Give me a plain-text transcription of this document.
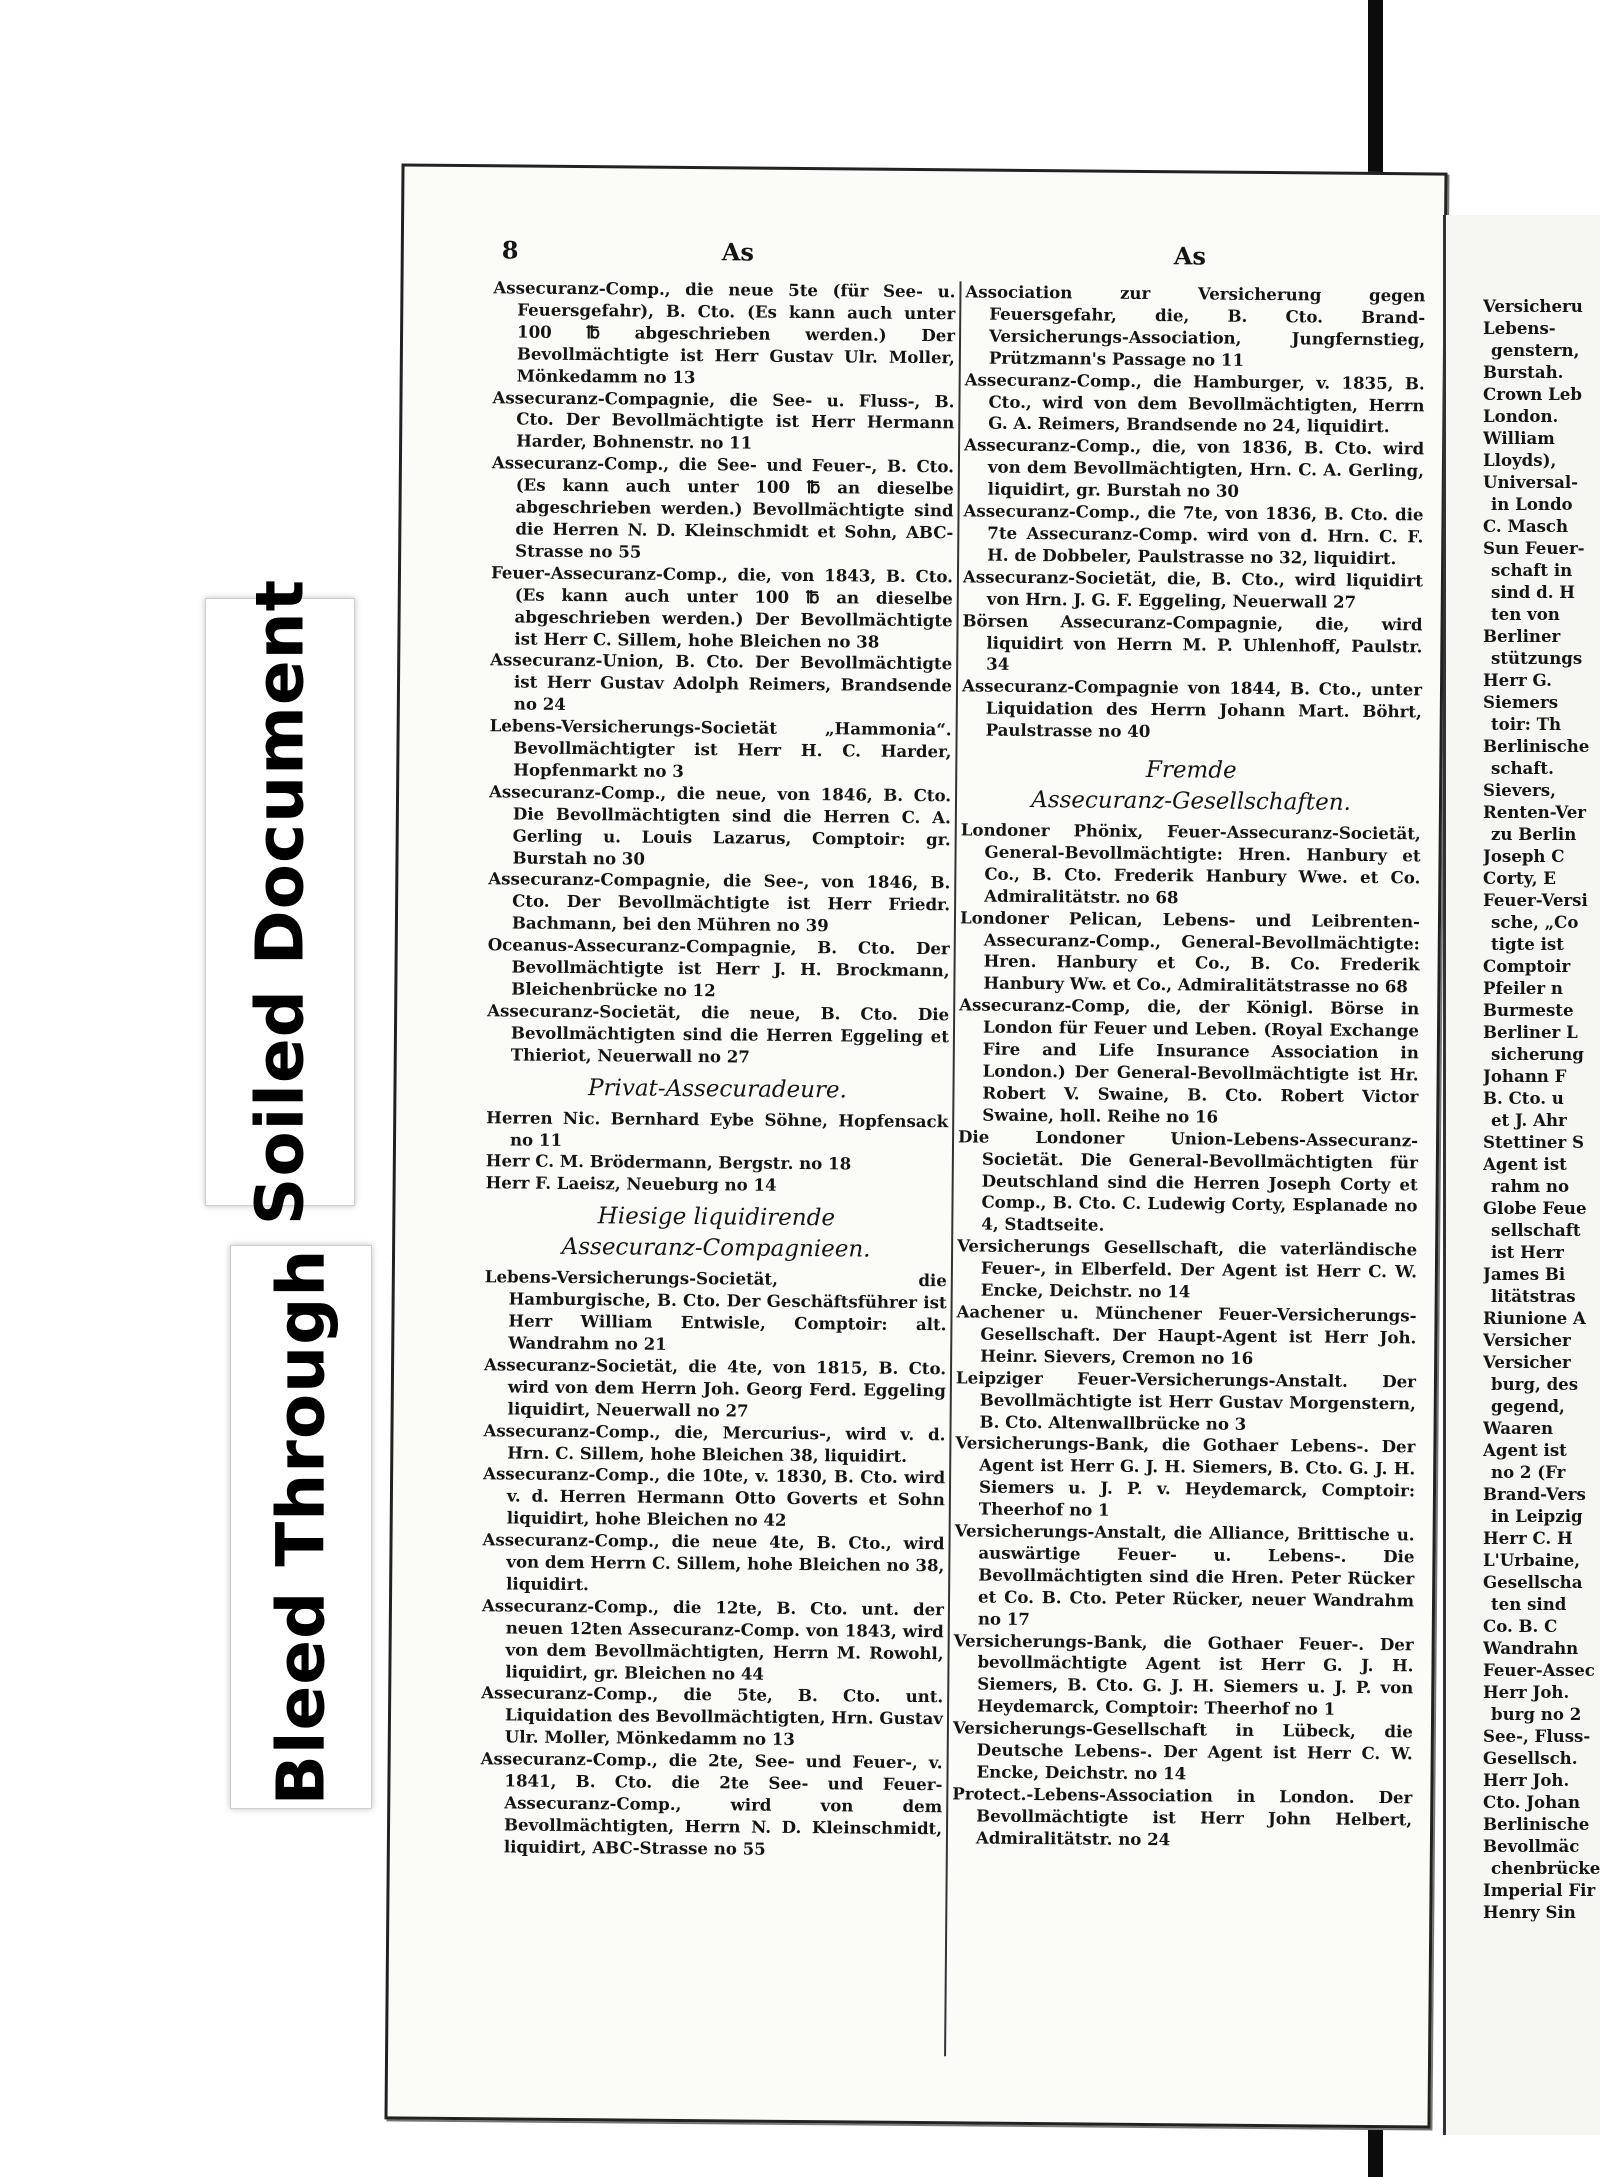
Soiled Document
Bleed Through
8	As	As

Assecuranz-Comp., die neue 5te (für See- u. Feuersgefahr), B. Cto. (Es kann auch unter 100 ℔ abgeschrieben werden.) Der Bevollmächtigte ist Herr Gustav Ulr. Moller, Mönkedamm no 13

Assecuranz-Compagnie, die See- u. Fluss-, B. Cto. Der Bevollmächtigte ist Herr Hermann Harder, Bohnenstr. no 11

Assecuranz-Comp., die See- und Feuer-, B. Cto. (Es kann auch unter 100 ℔ an dieselbe abgeschrieben werden.) Bevollmächtigte sind die Herren N. D. Kleinschmidt et Sohn, ABC-Strasse no 55

Feuer-Assecuranz-Comp., die, von 1843, B. Cto. (Es kann auch unter 100 ℔ an dieselbe abgeschrieben werden.) Der Bevollmächtigte ist Herr C. Sillem, hohe Bleichen no 38

Assecuranz-Union, B. Cto. Der Bevollmächtigte ist Herr Gustav Adolph Reimers, Brandsende no 24

Lebens-Versicherungs-Societät „Hammonia“. Bevollmächtigter ist Herr H. C. Harder, Hopfenmarkt no 3

Assecuranz-Comp., die neue, von 1846, B. Cto. Die Bevollmächtigten sind die Herren C. A. Gerling u. Louis Lazarus, Comptoir: gr. Burstah no 30

Assecuranz-Compagnie, die See-, von 1846, B. Cto. Der Bevollmächtigte ist Herr Friedr. Bachmann, bei den Mühren no 39

Oceanus-Assecuranz-Compagnie, B. Cto. Der Bevollmächtigte ist Herr J. H. Brockmann, Bleichenbrücke no 12

Assecuranz-Societät, die neue, B. Cto. Die Bevollmächtigten sind die Herren Eggeling et Thieriot, Neuerwall no 27

Privat-Assecuradeure.

Herren Nic. Bernhard Eybe Söhne, Hopfensack no 11

Herr C. M. Brödermann, Bergstr. no 18

Herr F. Laeisz, Neueburg no 14

Hiesige liquidirende
Assecuranz-Compagnieen.

Lebens-Versicherungs-Societät, die Hamburgische, B. Cto. Der Geschäftsführer ist Herr William Entwisle, Comptoir: alt. Wandrahm no 21

Assecuranz-Societät, die 4te, von 1815, B. Cto. wird von dem Herrn Joh. Georg Ferd. Eggeling liquidirt, Neuerwall no 27

Assecuranz-Comp., die, Mercurius-, wird v. d. Hrn. C. Sillem, hohe Bleichen 38, liquidirt.

Assecuranz-Comp., die 10te, v. 1830, B. Cto. wird v. d. Herren Hermann Otto Goverts et Sohn liquidirt, hohe Bleichen no 42

Assecuranz-Comp., die neue 4te, B. Cto., wird von dem Herrn C. Sillem, hohe Bleichen no 38, liquidirt.

Assecuranz-Comp., die 12te, B. Cto. unt. der neuen 12ten Assecuranz-Comp. von 1843, wird von dem Bevollmächtigten, Herrn M. Rowohl, liquidirt, gr. Bleichen no 44

Assecuranz-Comp., die 5te, B. Cto. unt. Liquidation des Bevollmächtigten, Hrn. Gustav Ulr. Moller, Mönkedamm no 13

Assecuranz-Comp., die 2te, See- und Feuer-, v. 1841, B. Cto. die 2te See- und Feuer-Assecuranz-Comp., wird von dem Bevollmächtigten, Herrn N. D. Kleinschmidt, liquidirt, ABC-Strasse no 55

Association zur Versicherung gegen Feuersgefahr, die, B. Cto. Brand-Versicherungs-Association, Jungfernstieg, Prützmann's Passage no 11

Assecuranz-Comp., die Hamburger, v. 1835, B. Cto., wird von dem Bevollmächtigten, Herrn G. A. Reimers, Brandsende no 24, liquidirt.

Assecuranz-Comp., die, von 1836, B. Cto. wird von dem Bevollmächtigten, Hrn. C. A. Gerling, liquidirt, gr. Burstah no 30

Assecuranz-Comp., die 7te, von 1836, B. Cto. die 7te Assecuranz-Comp. wird von d. Hrn. C. F. H. de Dobbeler, Paulstrasse no 32, liquidirt.

Assecuranz-Societät, die, B. Cto., wird liquidirt von Hrn. J. G. F. Eggeling, Neuerwall 27

Börsen Assecuranz-Compagnie, die, wird liquidirt von Herrn M. P. Uhlenhoff, Paulstr. 34

Assecuranz-Compagnie von 1844, B. Cto., unter Liquidation des Herrn Johann Mart. Böhrt, Paulstrasse no 40

Fremde
Assecuranz-Gesellschaften.

Londoner Phönix, Feuer-Assecuranz-Societät, General-Bevollmächtigte: Hren. Hanbury et Co., B. Cto. Frederik Hanbury Wwe. et Co. Admiralitätstr. no 68

Londoner Pelican, Lebens- und Leibrenten-Assecuranz-Comp., General-Bevollmächtigte: Hren. Hanbury et Co., B. Co. Frederik Hanbury Ww. et Co., Admiralitätstrasse no 68

Assecuranz-Comp, die, der Königl. Börse in London für Feuer und Leben. (Royal Exchange Fire and Life Insurance Association in London.) Der General-Bevollmächtigte ist Hr. Robert V. Swaine, B. Cto. Robert Victor Swaine, holl. Reihe no 16

Die Londoner Union-Lebens-Assecuranz-Societät. Die General-Bevollmächtigten für Deutschland sind die Herren Joseph Corty et Comp., B. Cto. C. Ludewig Corty, Esplanade no 4, Stadtseite.

Versicherungs Gesellschaft, die vaterländische Feuer-, in Elberfeld. Der Agent ist Herr C. W. Encke, Deichstr. no 14

Aachener u. Münchener Feuer-Versicherungs-Gesellschaft. Der Haupt-Agent ist Herr Joh. Heinr. Sievers, Cremon no 16

Leipziger Feuer-Versicherungs-Anstalt. Der Bevollmächtigte ist Herr Gustav Morgenstern, B. Cto. Altenwallbrücke no 3

Versicherungs-Bank, die Gothaer Lebens-. Der Agent ist Herr G. J. H. Siemers, B. Cto. G. J. H. Siemers u. J. P. v. Heydemarck, Comptoir: Theerhof no 1

Versicherungs-Anstalt, die Alliance, Brittische u. auswärtige Feuer- u. Lebens-. Die Bevollmächtigten sind die Hren. Peter Rücker et Co. B. Cto. Peter Rücker, neuer Wandrahm no 17

Versicherungs-Bank, die Gothaer Feuer-. Der bevollmächtigte Agent ist Herr G. J. H. Siemers, B. Cto. G. J. H. Siemers u. J. P. von Heydemarck, Comptoir: Theerhof no 1

Versicherungs-Gesellschaft in Lübeck, die Deutsche Lebens-. Der Agent ist Herr C. W. Encke, Deichstr. no 14

Protect.-Lebens-Association in London. Der Bevollmächtigte ist Herr John Helbert, Admiralitätstr. no 24

Versicheru
Lebens-
genstern,
Burstah.
Crown Leb
London.
William
Lloyds),
Universal-
in Londo
C. Masch
Sun Feuer-
schaft in
sind d. H
ten von
Berliner
stützungs
Herr G.
Siemers
toir: Th
Berlinische
schaft.
Sievers,
Renten-Ver
zu Berlin
Joseph C
Corty, E
Feuer-Versi
sche, „Co
tigte ist
Comptoir
Pfeiler n
Burmeste
Berliner L
sicherung
Johann F
B. Cto. u
et J. Ahr
Stettiner S
Agent ist
rahm no
Globe Feue
sellschaft
ist Herr
James Bi
litätstras
Riunione A
Versicher
Versicher
burg, des
gegend,
Waaren
Agent ist
no 2 (Fr
Brand-Vers
in Leipzig
Herr C. H
L'Urbaine,
Gesellscha
ten sind
Co. B. C
Wandrahn
Feuer-Assec
Herr Joh.
burg no 2
See-, Fluss-
Gesellsch.
Herr Joh.
Cto. Johan
Berlinische
Bevollmäc
chenbrücke
Imperial Fir
Henry Sin
